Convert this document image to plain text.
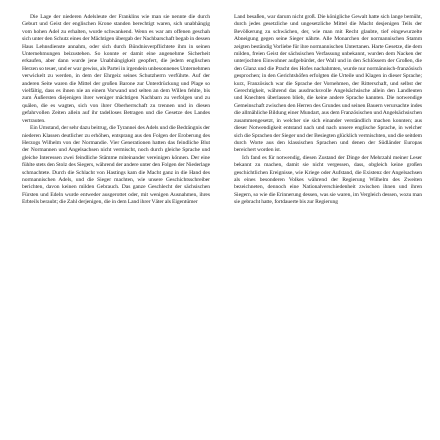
Die Lage der niederen Adelsleute der Franklins wie man sie nennte die durch Geburt und Geist der englischen Krone standen berechtigt waren, sich unabhängig vom hohen Adel zu erhalten, wurde schwankend. Wenn es war am offenen geschah sich unter den Schutz eines der Mächtigen übergab der Nachbarschaft begab in dessen Haus Lehnsdienste annahm, oder sich durch Bündnisverpflichtete ihm in seinen Unternehmungen beizustehen. So konnte er damit eine angenehme Sicherheit erkaufen, aber dann wurde jene Unabhängigkeit geopfert, die jedem englischen Herzen so teuer, und er war gewiss, als Partei in irgendein unbesonnenes Unternehmen verwickelt zu werden, in dem der Ehrgeiz seines Schutzherrn verführte. Auf der anderen Seite waren die Mittel der großen Barone zur Unterdrückung und Plage so vielfältig, dass es ihnen nie an einem Vorwand und selten an dem Willen fehlte, bis zum Äußersten diejenigen ihrer weniger mächtigen Nachbarn zu verfolgen und zu quälen, die es wagten, sich von ihrer Oberherrschaft zu trennen und in diesen gefahrvollen Zeiten allein auf ihr tadelloses Betragen und die Gesetze des Landes vertrauten.

Ein Umstand, der sehr dazu beitrug, die Tyrannei des Adels und die Bedrängnis der niederen Klassen deutlicher zu erhöhen, entsprang aus den Folgen der Eroberung des Herzogs Wilhelm von der Normandie. Vier Generationen hatten das feindliche Blut der Normannen und Angelsachsen nicht vermischt, noch durch gleiche Sprache und gleiche Interessen zwei feindliche Stämme miteinander vereinigen können. Der eine fühlte stets den Stolz des Siegers, während der andere unter den Folgen der Niederlage schmachtete. Durch die Schlacht von Hastings kam die Macht ganz in die Hand des normannischen Adels, und die Sieger machten, wie unsere Geschichtsschreiber berichten, davon keinen milden Gebrauch. Das ganze Geschlecht der sächsischen Fürsten und Edeln wurde entweder ausgerottet oder, mit wenigen Ausnahmen, ihres Erbteils beraubt; die Zahl derjenigen, die in dem Land ihrer Väter als Eigentümer

Land besaßen, war darum nicht groß. Die königliche Gewalt hatte sich lange bemüht, durch jedes gesetzliche und ungesetzliche Mittel die Macht desjenigen Teils der Bevölkerung zu schwächen, der, wie man mit Recht glaubte, tief eingewurzelte Abneigung gegen seine Sieger nährte. Alle Monarchen der normannischen Stamm zeigten beständig Vorliebe für ihre normannischen Untertanen. Harte Gesetze, die dem milden, freien Geist der sächsischen Verfassung unbekannt, wurden dem Nacken der unterjochten Einwohner aufgebürdet, der Wall und in den Schlössern der Großen, die den Glanz und die Pracht des Hofes nachahmten, wurde nur normännisch-französisch gesprochen; in den Gerichtshöfen erfolgten die Urteile und Klagen in dieser Sprache; kurz, Französisch war die Sprache der Vornehmen, der Ritterschaft, und selbst der Gerechtigkeit, während das ausdrucksvolle Angelsächsische allein den Landleuten und Knechten überlassen blieb, die keine andere Sprache kannten. Die notwendige Gemeinschaft zwischen den Herren des Grundes und seinen Bauern verursachte indes die allmähliche Bildung einer Mundart, aus dem Französischen und Angelsächsischen zusammengesetzt, in welcher sie sich einander verständlich machen konnten; aus dieser Notwendigkeit entstand nach und nach unsere englische Sprache, in welcher sich die Sprachen der Sieger und der Besiegten glücklich vermischten, und die seitdem durch Worte aus den klassischen Sprachen und denen der Südländer Europas bereichert worden ist.

Ich fand es für notwendig, diesen Zustand der Dinge der Mehrzahl meiner Leser bekannt zu machen, damit sie nicht vergessen, dass, obgleich keine großen geschichtlichen Ereignisse, wie Kriege oder Aufstand, die Existenz der Angelsachsen als eines besonderen Volkes während der Regierung Wilhelm des Zweiten bezeichneten, dennoch eine Nationalverschiedenheit zwischen ihnen und ihren Siegern, so wie die Erinnerung dessen, was sie waren, im Vergleich dessen, wozu man sie gebracht hatte, fortdauerte bis zur Regierung
